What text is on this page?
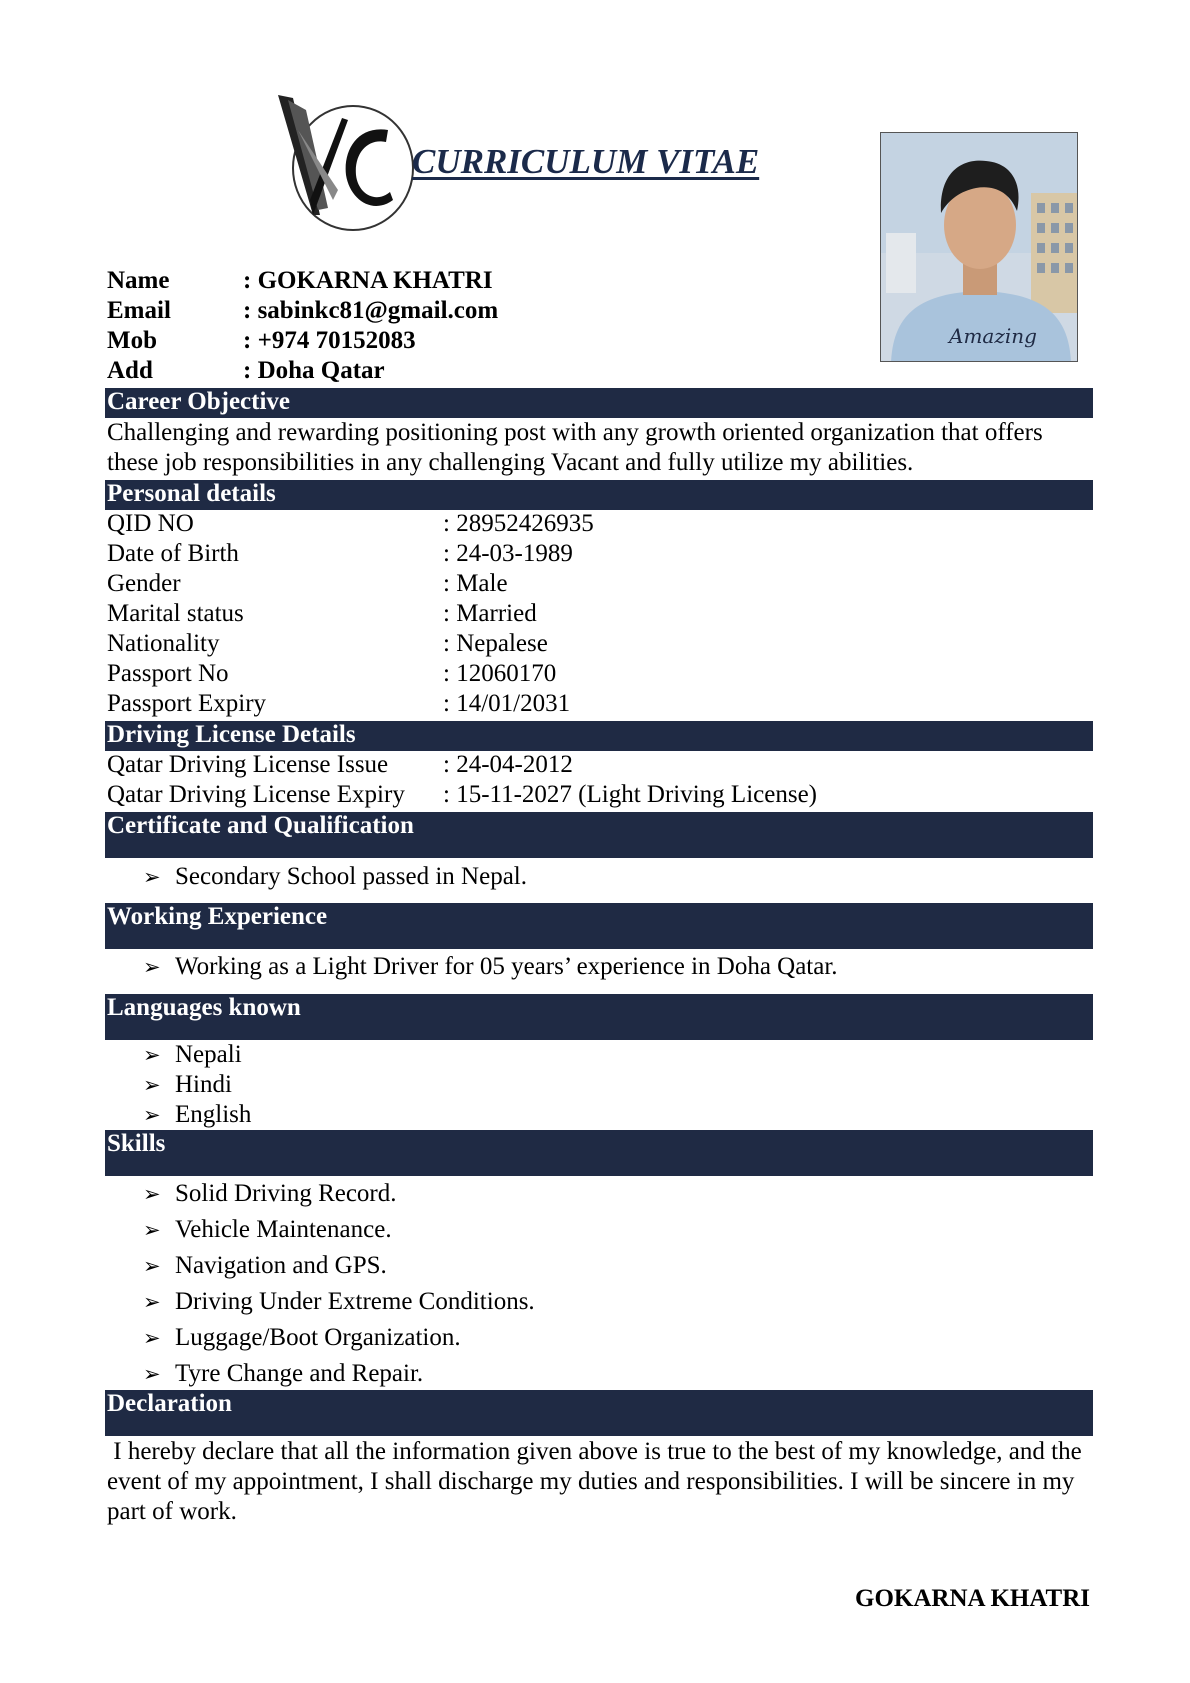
CURRICULUM VITAE
Amazing
Name	: GOKARNA KHATRI
Email	: sabinkc81@gmail.com
Mob	: +974 70152083
Add	: Doha Qatar
Career Objective
Challenging and rewarding positioning post with any growth oriented organization that offers these job responsibilities in any challenging Vacant and fully utilize my abilities.
Personal details
QID NO	: 28952426935
Date of Birth	: 24-03-1989
Gender	: Male
Marital status	: Married
Nationality	: Nepalese
Passport No	: 12060170
Passport Expiry	: 14/01/2031
Driving License Details
Qatar Driving License Issue : 24-04-2012
Qatar Driving License Expiry : 15-11-2027 (Light Driving License)
Certificate and Qualification
➢ Secondary School passed in Nepal.
Working Experience
➢ Working as a Light Driver for 05 years’ experience in Doha Qatar.
Languages known
➢ Nepali
➢ Hindi
➢ English
Skills
➢ Solid Driving Record.
➢ Vehicle Maintenance.
➢ Navigation and GPS.
➢ Driving Under Extreme Conditions.
➢ Luggage/Boot Organization.
➢ Tyre Change and Repair.
Declaration
I hereby declare that all the information given above is true to the best of my knowledge, and the event of my appointment, I shall discharge my duties and responsibilities. I will be sincere in my part of work.
GOKARNA KHATRI
